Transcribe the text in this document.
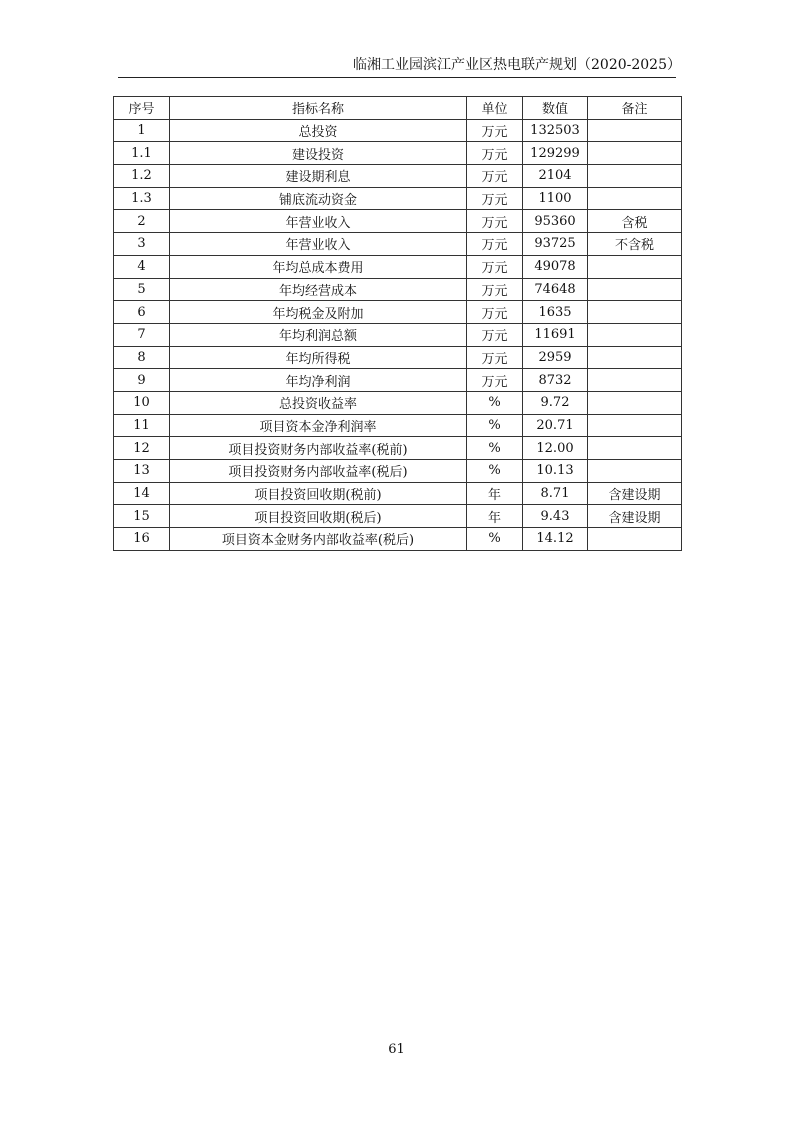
临湘工业园滨江产业区热电联产规划（2020-2025）
序号	指标名称	单位	数值	备注
1	总投资	万元	132503	
1.1	建设投资	万元	129299	
1.2	建设期利息	万元	2104	
1.3	铺底流动资金	万元	1100	
2	年营业收入	万元	95360	含税
3	年营业收入	万元	93725	不含税
4	年均总成本费用	万元	49078	
5	年均经营成本	万元	74648	
6	年均税金及附加	万元	1635	
7	年均利润总额	万元	11691	
8	年均所得税	万元	2959	
9	年均净利润	万元	8732	
10	总投资收益率	%	9.72	
11	项目资本金净利润率	%	20.71	
12	项目投资财务内部收益率(税前)	%	12.00	
13	项目投资财务内部收益率(税后)	%	10.13	
14	项目投资回收期(税前)	年	8.71	含建设期
15	项目投资回收期(税后)	年	9.43	含建设期
16	项目资本金财务内部收益率(税后)	%	14.12	
61
